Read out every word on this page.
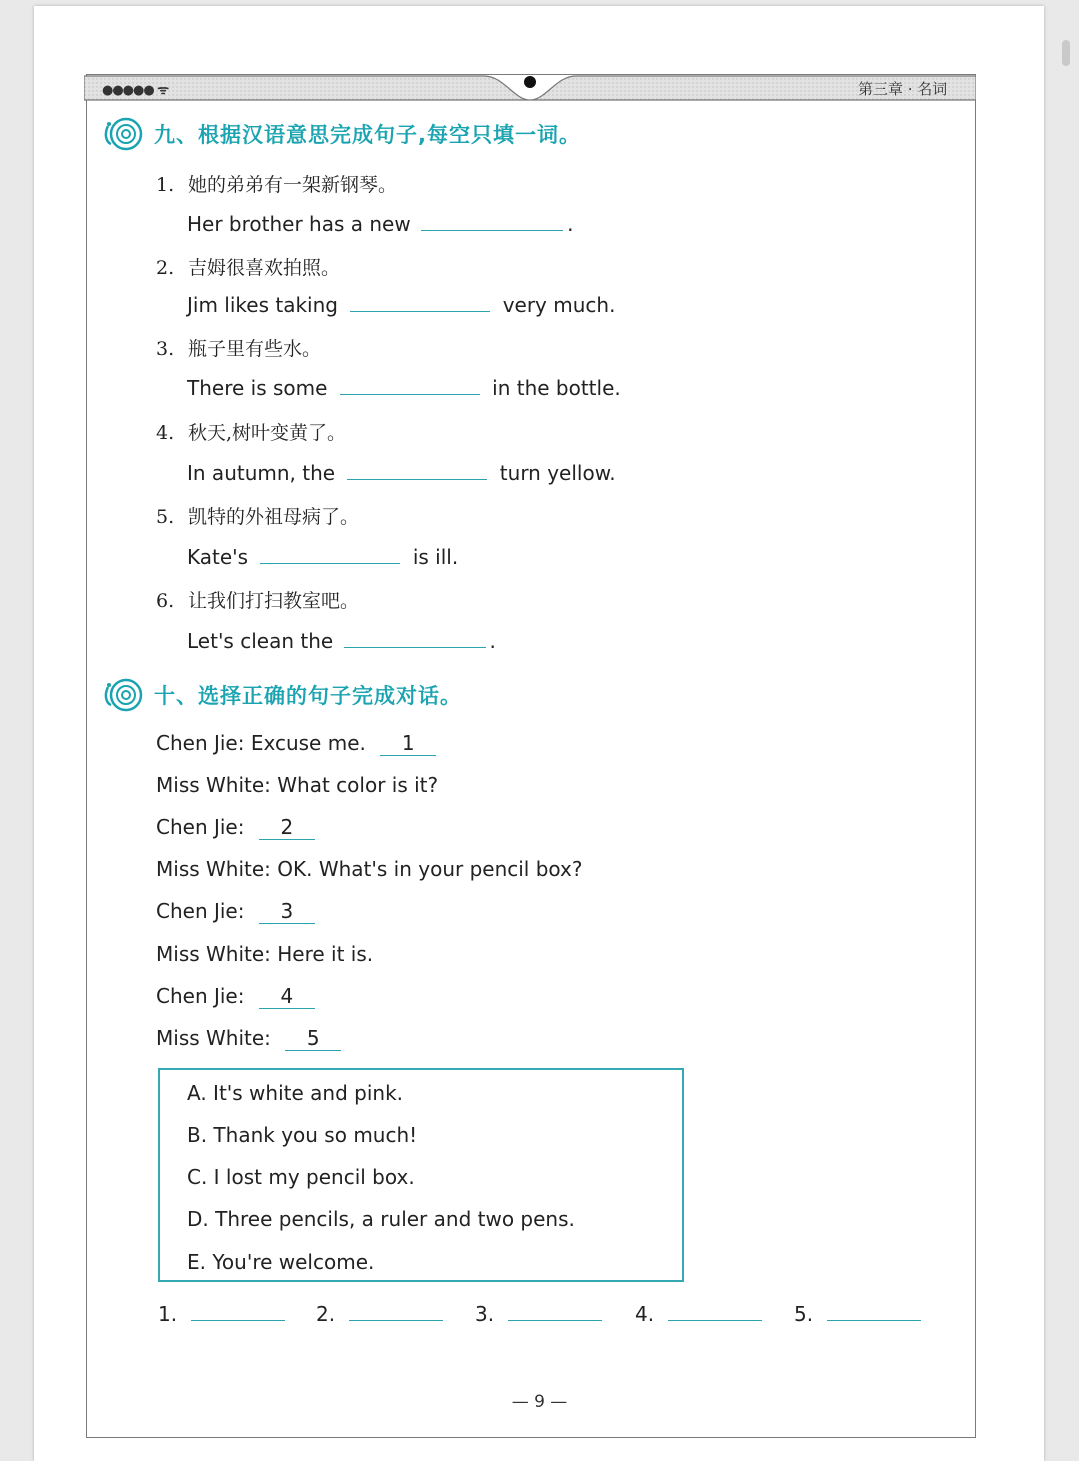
●●●●● ᯤ	第三章 · 名词
九、根据汉语意思完成句子,每空只填一词。
1. 她的弟弟有一架新钢琴。
Her brother has a new	.
2. 吉姆很喜欢拍照。
Jim likes taking	very much.
3. 瓶子里有些水。
There is some	in the bottle.
4. 秋天,树叶变黄了。
In autumn, the	turn yellow.
5. 凯特的外祖母病了。
Kate's	is ill.
6. 让我们打扫教室吧。
Let's clean the	.
十、选择正确的句子完成对话。
Chen Jie: Excuse me. 1
Miss White: What color is it?
Chen Jie: 2
Miss White: OK. What's in your pencil box?
Chen Jie: 3
Miss White: Here it is.
Chen Jie: 4
Miss White: 5
A. It's white and pink.
B. Thank you so much!
C. I lost my pencil box.
D. Three pencils, a ruler and two pens.
E. You're welcome.
1.	2.	3.	4.	5.
— 9 —
